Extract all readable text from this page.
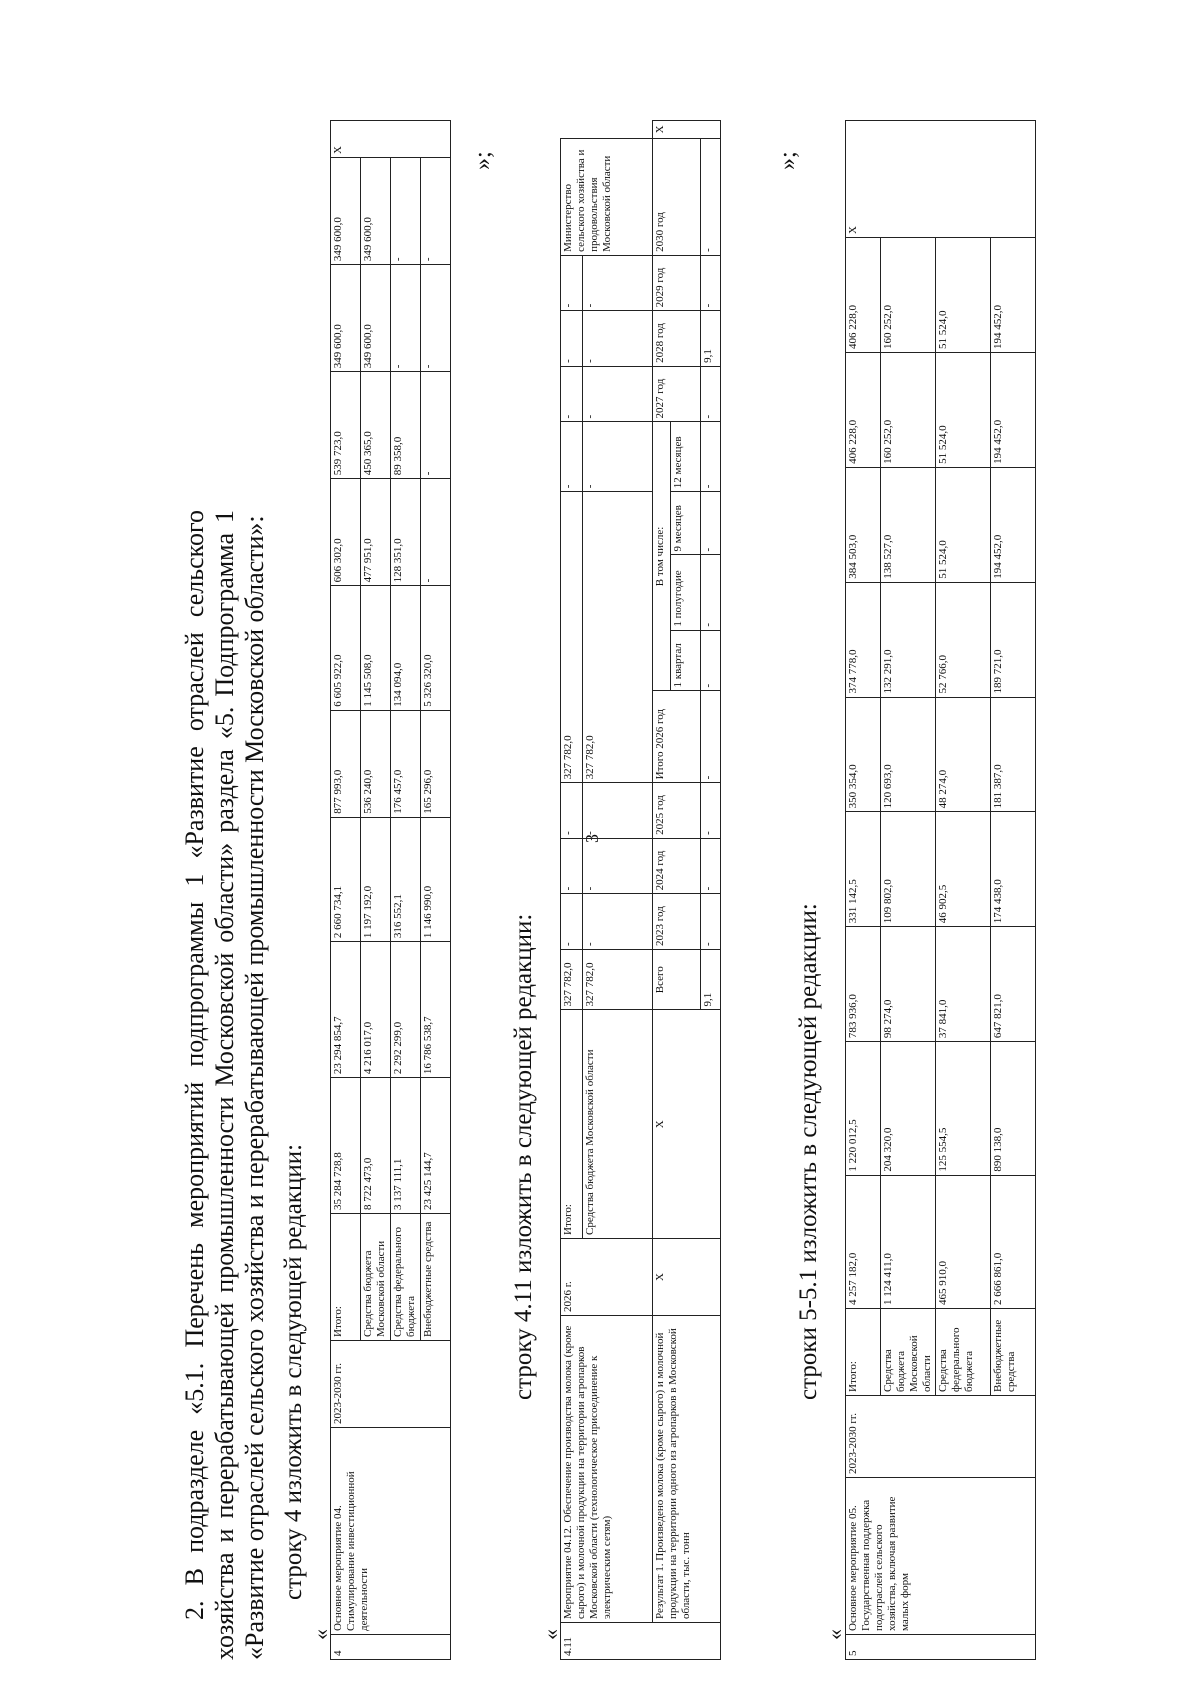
3
2. В подразделе «5.1. Перечень мероприятий подпрограммы 1 «Развитие отраслей сельского хозяйства и перерабатывающей промышленности Московской области» раздела «5. Подпрограмма 1 «Развитие отраслей сельского хозяйства и перерабатывающей промышленности Московской области»: строку 4 изложить в следующей редакции:
«
4	Основное мероприятие 04. Стимулирование инвестиционной деятельности	2023-2030 гг.	Итого:	35 284 728,8	23 294 854,7	2 660 734,1	877 993,0	6 605 922,0	606 302,0	539 723,0	349 600,0	349 600,0	X
			Средства бюджета Московской области	8 722 473,0	4 216 017,0	1 197 192,0	536 240,0	1 145 508,0	477 951,0	450 365,0	349 600,0	349 600,0	
			Средства федерального бюджета	3 137 111,1	2 292 299,0	316 552,1	176 457,0	134 094,0	128 351,0	89 358,0	-	-	
			Внебюджетные средства	23 425 144,7	16 786 538,7	1 146 990,0	165 296,0	5 326 320,0	-	-	-	-	
»;
строку 4.11 изложить в следующей редакции:
«
4.11	Мероприятие 04.12. Обеспечение производства молока (кроме сырого) и молочной продукции на территории агропарков Московской области (технологическое присоединение к электрическим сетям)	2026 г.	Итого:	327 782,0	-	-	-	327 782,0				-	-	-	-	Министерство сельского хозяйства и продовольствия Московской области	
			Средства бюджета Московской области	327 782,0	-	-	-	327 782,0				-	-	-	-		
	Результат 1. Произведено молока (кроме сырого) и молочной продукции на территории одного из агропарков в Московской области, тыс. тонн	X	X	Всего	2023 год	2024 год	2025 год	Итого 2026 год	В том числе:				2027 год	2028 год	2029 год	2030 год	X
									1 квартал	1 полугодие	9 месяцев	12 месяцев					
				9,1	-	-	-	-	-	-	-	-	-	9,1	-	-	
»;
строки 5-5.1 изложить в следующей редакции:
«
5	Основное мероприятие 05. Государственная поддержка подотраслей сельского хозяйства, включая развитие малых форм	2023-2030 гг.	Итого:	4 257 182,0	1 220 012,5	783 936,0	331 142,5	350 354,0	374 778,0	384 503,0	406 228,0	406 228,0	X
			Средства бюджета Московской области	1 124 411,0	204 320,0	98 274,0	109 802,0	120 693,0	132 291,0	138 527,0	160 252,0	160 252,0	
			Средства федерального бюджета	465 910,0	125 554,5	37 841,0	46 902,5	48 274,0	52 766,0	51 524,0	51 524,0	51 524,0	
			Внебюджетные средства	2 666 861,0	890 138,0	647 821,0	174 438,0	181 387,0	189 721,0	194 452,0	194 452,0	194 452,0	
